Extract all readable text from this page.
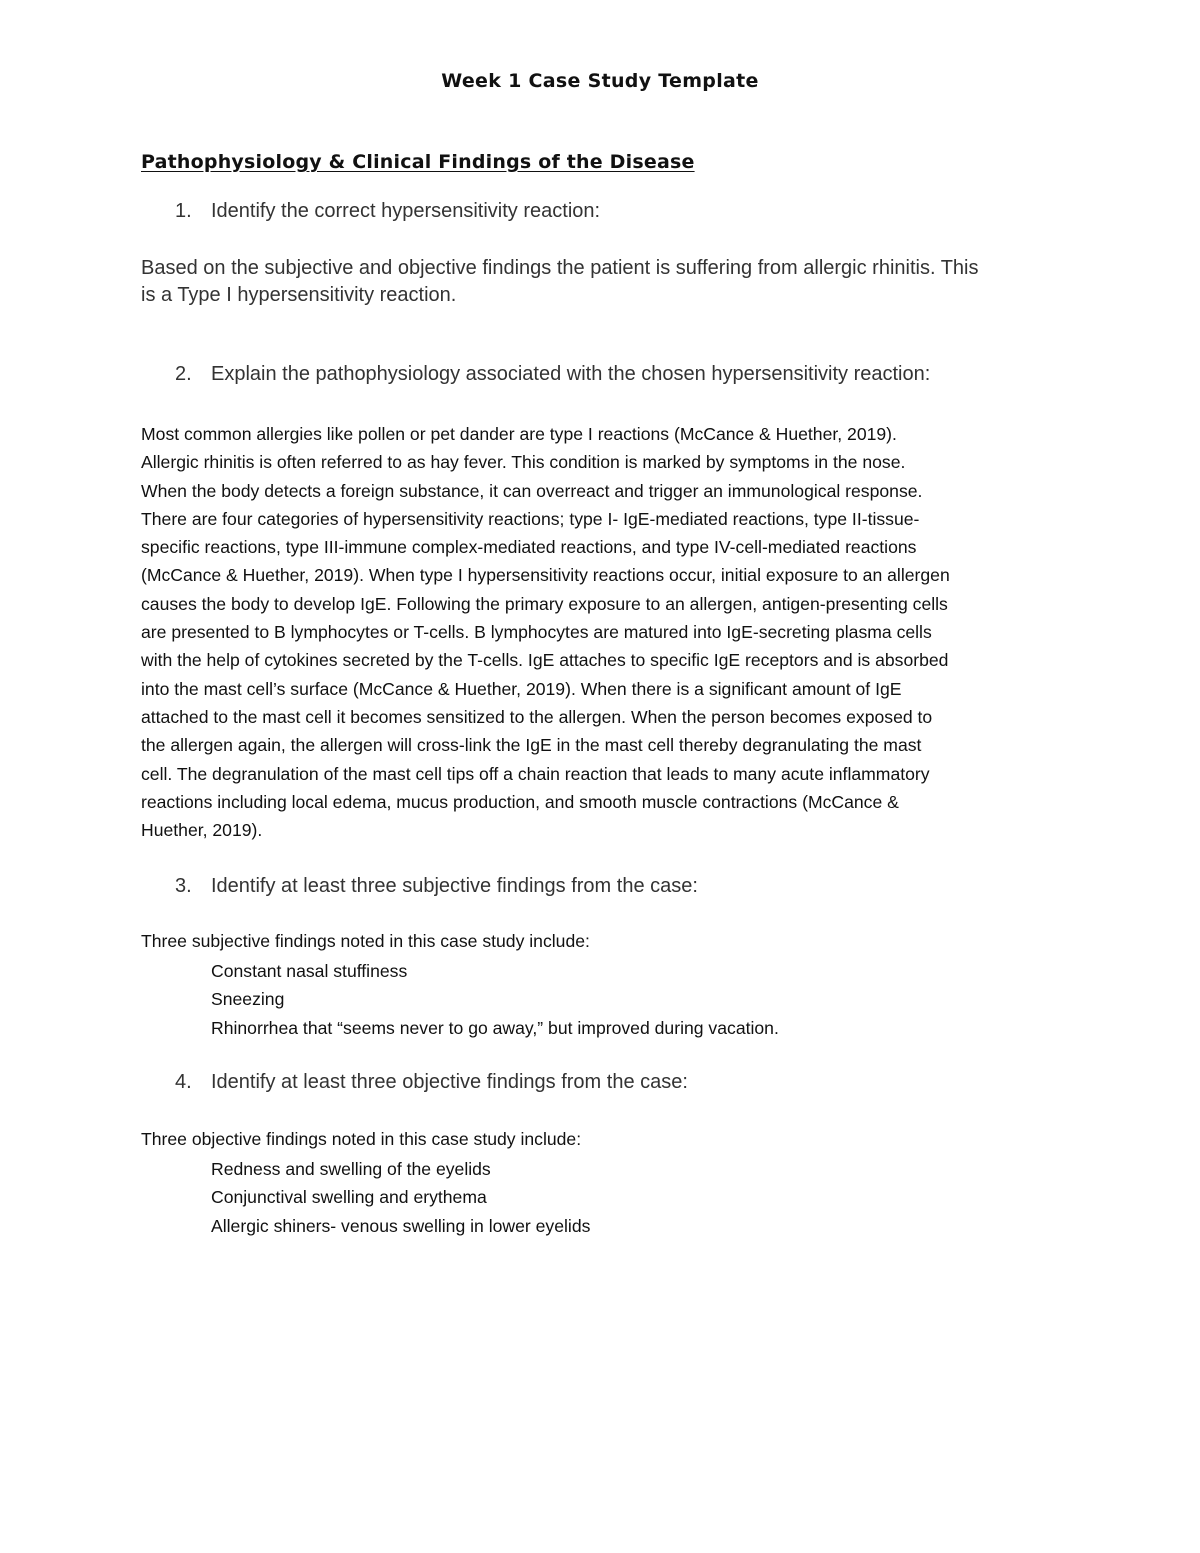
Week 1 Case Study Template
Pathophysiology & Clinical Findings of the Disease
1. Identify the correct hypersensitivity reaction:
Based on the subjective and objective findings the patient is suffering from allergic rhinitis. This
is a Type I hypersensitivity reaction.
2. Explain the pathophysiology associated with the chosen hypersensitivity reaction:
Most common allergies like pollen or pet dander are type I reactions (McCance & Huether, 2019).
Allergic rhinitis is often referred to as hay fever. This condition is marked by symptoms in the nose.
When the body detects a foreign substance, it can overreact and trigger an immunological response.
There are four categories of hypersensitivity reactions; type I- IgE-mediated reactions, type II-tissue-
specific reactions, type III-immune complex-mediated reactions, and type IV-cell-mediated reactions
(McCance & Huether, 2019). When type I hypersensitivity reactions occur, initial exposure to an allergen
causes the body to develop IgE. Following the primary exposure to an allergen, antigen-presenting cells
are presented to B lymphocytes or T-cells. B lymphocytes are matured into IgE-secreting plasma cells
with the help of cytokines secreted by the T-cells. IgE attaches to specific IgE receptors and is absorbed
into the mast cell’s surface (McCance & Huether, 2019). When there is a significant amount of IgE
attached to the mast cell it becomes sensitized to the allergen. When the person becomes exposed to
the allergen again, the allergen will cross-link the IgE in the mast cell thereby degranulating the mast
cell. The degranulation of the mast cell tips off a chain reaction that leads to many acute inflammatory
reactions including local edema, mucus production, and smooth muscle contractions (McCance &
Huether, 2019).
3. Identify at least three subjective findings from the case:
Three subjective findings noted in this case study include:
Constant nasal stuffiness
Sneezing
Rhinorrhea that “seems never to go away,” but improved during vacation.
4. Identify at least three objective findings from the case:
Three objective findings noted in this case study include:
Redness and swelling of the eyelids
Conjunctival swelling and erythema
Allergic shiners- venous swelling in lower eyelids
